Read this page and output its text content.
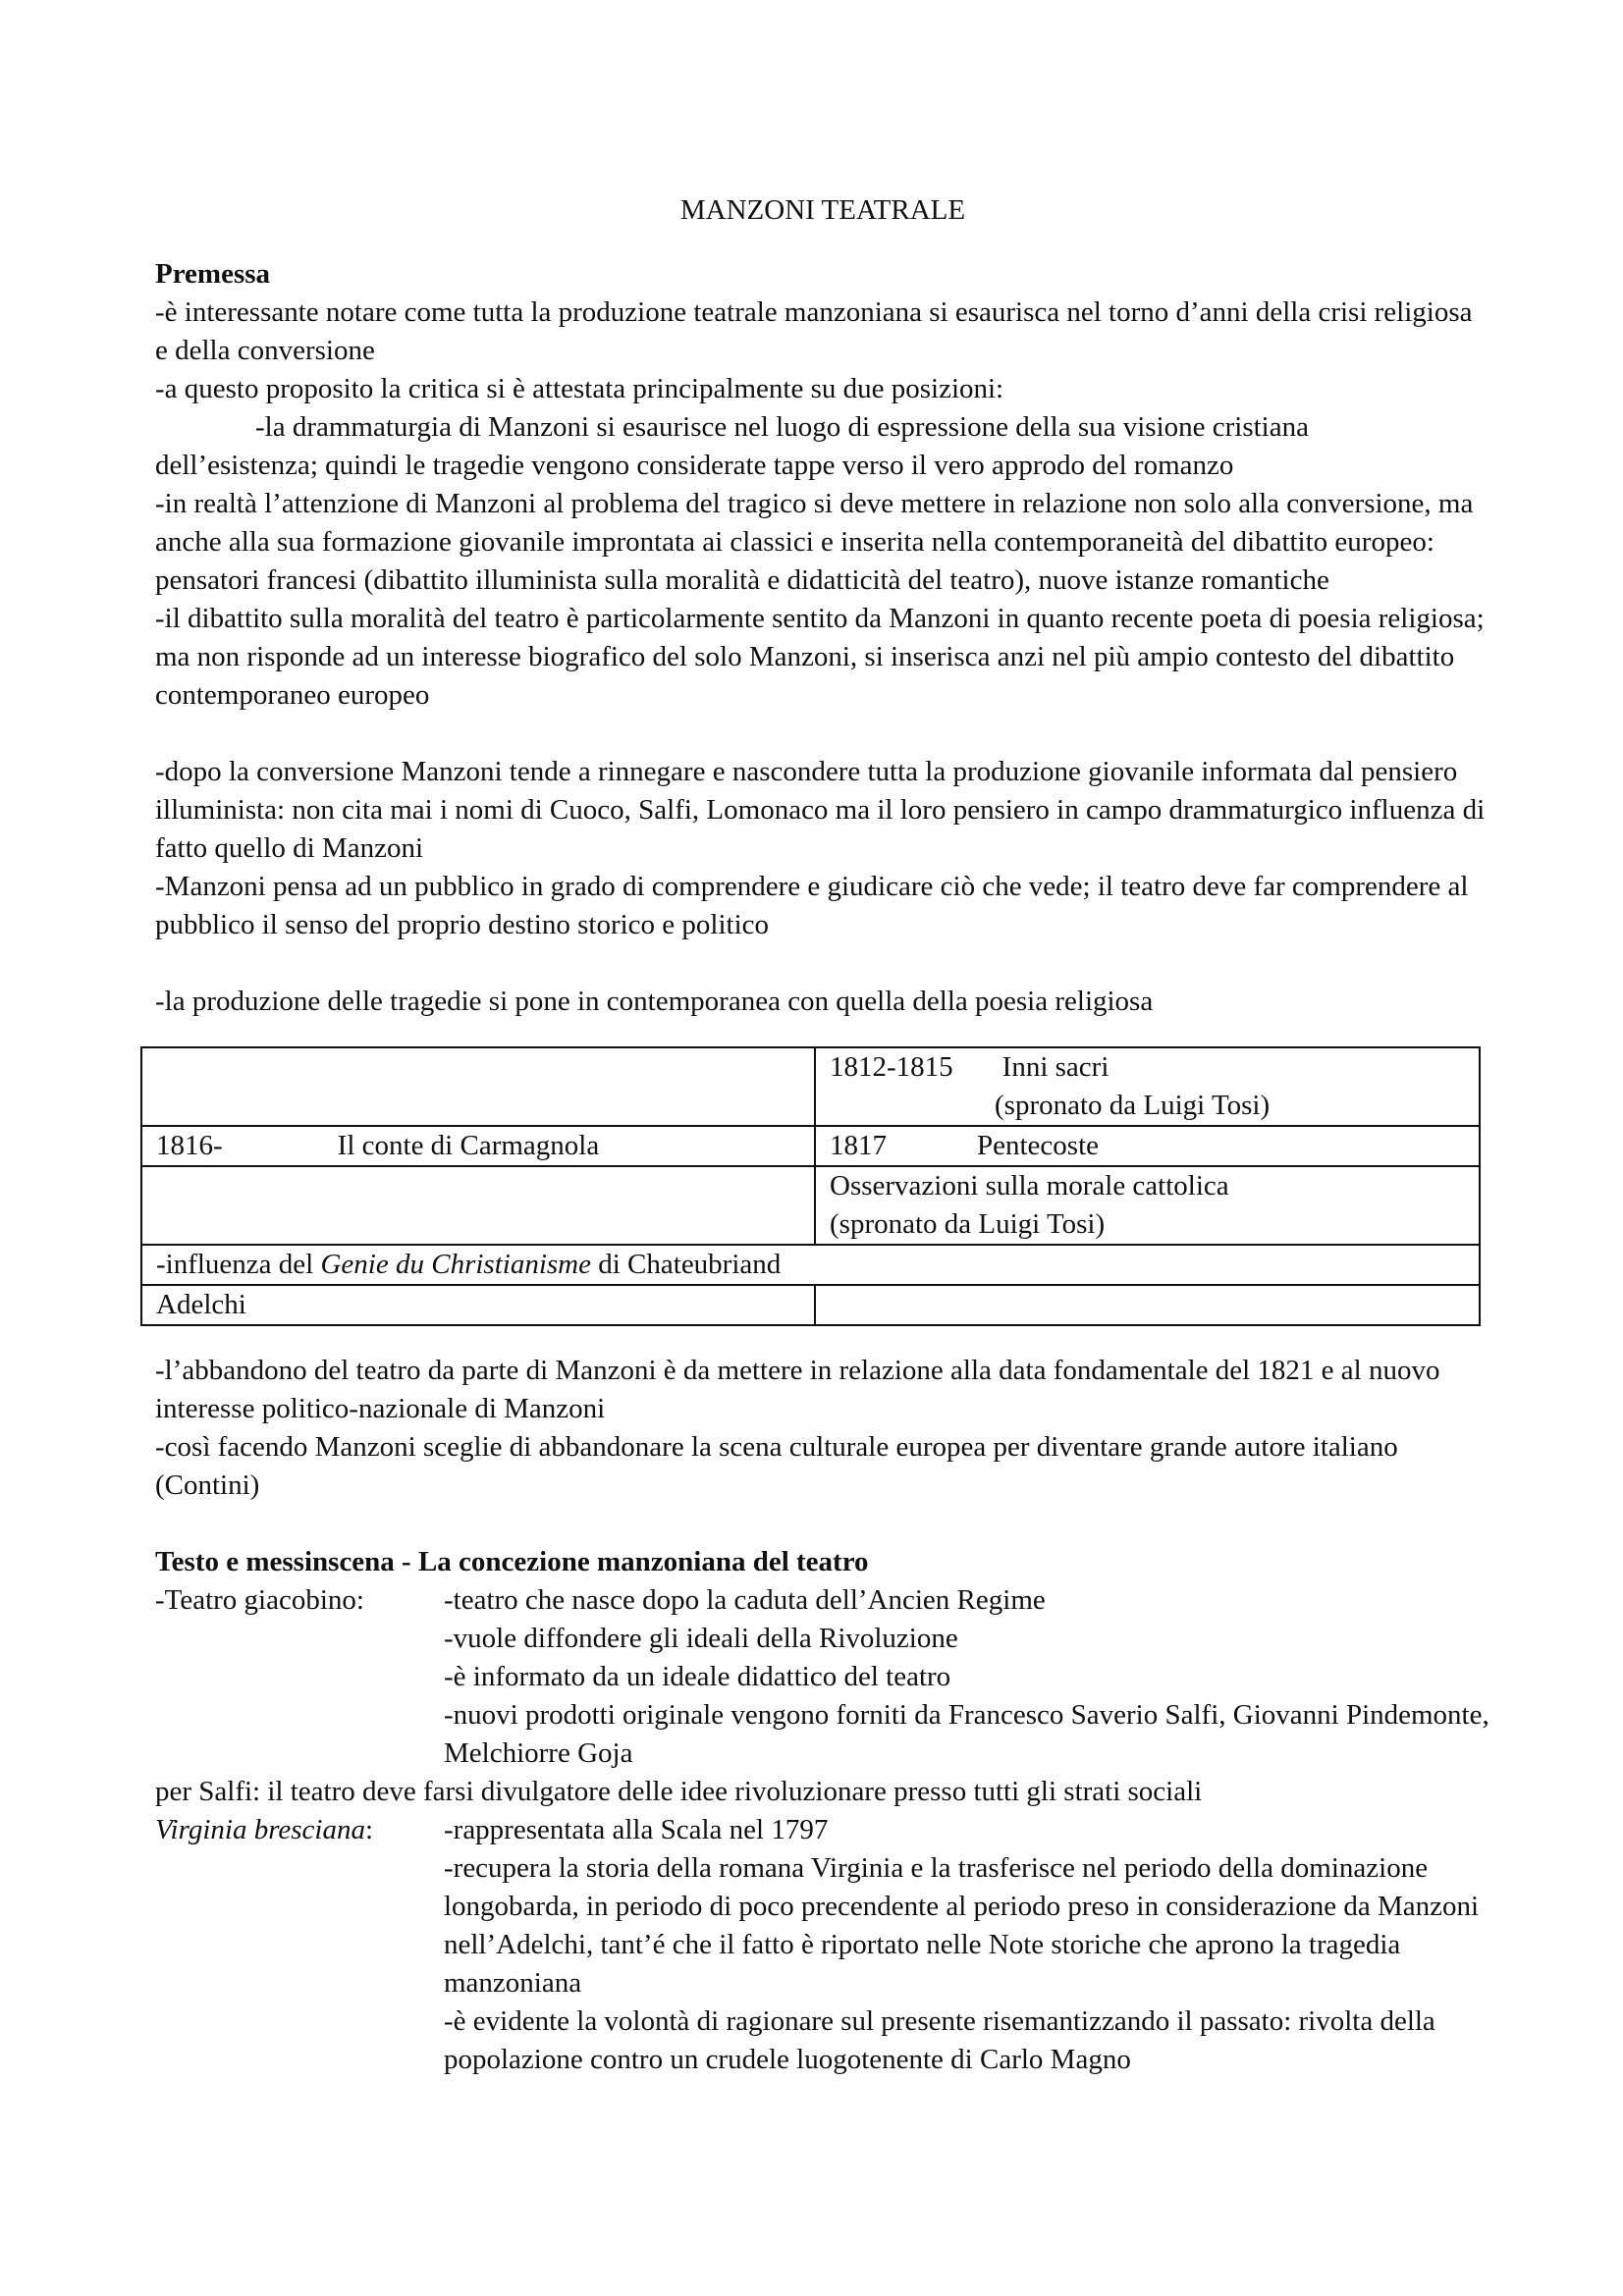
MANZONI TEATRALE
Premessa
-è interessante notare come tutta la produzione teatrale manzoniana si esaurisca nel torno d’anni della crisi religiosa e della conversione
-a questo proposito la critica si è attestata principalmente su due posizioni:
-la drammaturgia di Manzoni si esaurisce nel luogo di espressione della sua visione cristiana
dell’esistenza; quindi le tragedie vengono considerate tappe verso il vero approdo del romanzo
-in realtà l’attenzione di Manzoni al problema del tragico si deve mettere in relazione non solo alla conversione, ma anche alla sua formazione giovanile improntata ai classici e inserita nella contemporaneità del dibattito europeo: pensatori francesi (dibattito illuminista sulla moralità e didatticità del teatro), nuove istanze romantiche
-il dibattito sulla moralità del teatro è particolarmente sentito da Manzoni in quanto recente poeta di poesia religiosa; ma non risponde ad un interesse biografico del solo Manzoni, si inserisca anzi nel più ampio contesto del dibattito contemporaneo europeo
-dopo la conversione Manzoni tende a rinnegare e nascondere tutta la produzione giovanile informata dal pensiero illuminista: non cita mai i nomi di Cuoco, Salfi, Lomonaco ma il loro pensiero in campo drammaturgico influenza di fatto quello di Manzoni
-Manzoni pensa ad un pubblico in grado di comprendere e giudicare ciò che vede; il teatro deve far comprendere al pubblico il senso del proprio destino storico e politico
-la produzione delle tragedie si pone in contemporanea con quella della poesia religiosa
	1812-1815 Inni sacri
(spronato da Luigi Tosi)
1816- Il conte di Carmagnola	1817 Pentecoste

	Osservazioni sulla morale cattolica
(spronato da Luigi Tosi)

-influenza del Genie du Christianisme di Chateubriand	
Adelchi	
-l’abbandono del teatro da parte di Manzoni è da mettere in relazione alla data fondamentale del 1821 e al nuovo interesse politico-nazionale di Manzoni
-così facendo Manzoni sceglie di abbandonare la scena culturale europea per diventare grande autore italiano (Contini)
Testo e messinscena - La concezione manzoniana del teatro
-Teatro giacobino:	-teatro che nasce dopo la caduta dell’Ancien Regime
-vuole diffondere gli ideali della Rivoluzione
-è informato da un ideale didattico del teatro
-nuovi prodotti originale vengono forniti da Francesco Saverio Salfi, Giovanni Pindemonte, Melchiorre Goja
per Salfi: il teatro deve farsi divulgatore delle idee rivoluzionare presso tutti gli strati sociali
Virginia bresciana:	-rappresentata alla Scala nel 1797
-recupera la storia della romana Virginia e la trasferisce nel periodo della dominazione longobarda, in periodo di poco precendente al periodo preso in considerazione da Manzoni nell’Adelchi, tant’é che il fatto è riportato nelle Note storiche che aprono la tragedia manzoniana
-è evidente la volontà di ragionare sul presente risemantizzando il passato: rivolta della popolazione contro un crudele luogotenente di Carlo Magno
